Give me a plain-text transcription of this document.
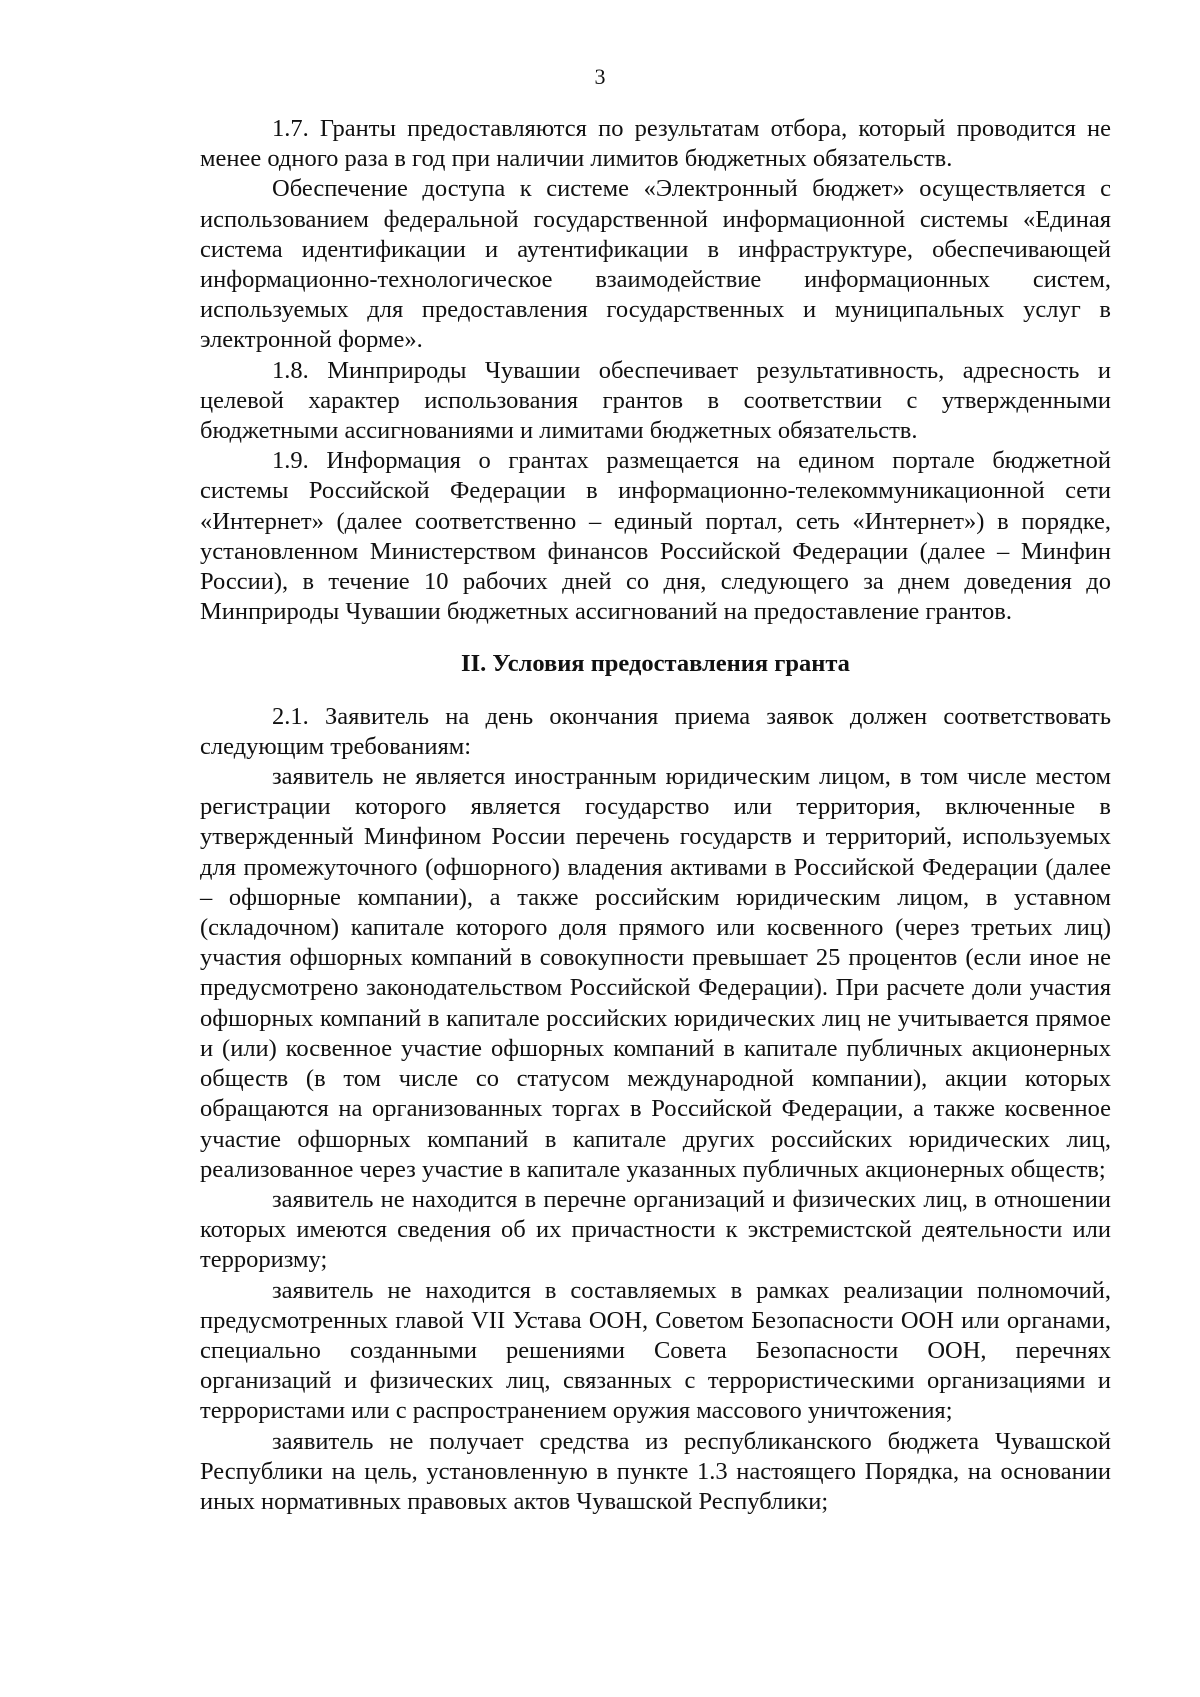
3

1.7. Гранты предоставляются по результатам отбора, который проводится не менее одного раза в год при наличии лимитов бюджетных обязательств.

Обеспечение доступа к системе «Электронный бюджет» осуществляется с использованием федеральной государственной информационной системы «Единая система идентификации и аутентификации в инфраструктуре, обеспечивающей информационно-технологическое взаимодействие информационных систем, используемых для предоставления государственных и муниципальных услуг в электронной форме».

1.8. Минприроды Чувашии обеспечивает результативность, адресность и целевой характер использования грантов в соответствии с утвержденными бюджетными ассигнованиями и лимитами бюджетных обязательств.

1.9. Информация о грантах размещается на едином портале бюджетной системы Российской Федерации в информационно-телекоммуникационной сети «Интернет» (далее соответственно – единый портал, сеть «Интернет») в порядке, установленном Министерством финансов Российской Федерации (далее – Минфин России), в течение 10 рабочих дней со дня, следующего за днем доведения до Минприроды Чувашии бюджетных ассигнований на предоставление грантов.

II. Условия предоставления гранта

2.1. Заявитель на день окончания приема заявок должен соответствовать следующим требованиям:

заявитель не является иностранным юридическим лицом, в том числе местом регистрации которого является государство или территория, включенные в утвержденный Минфином России перечень государств и территорий, используемых для промежуточного (офшорного) владения активами в Российской Федерации (далее – офшорные компании), а также российским юридическим лицом, в уставном (складочном) капитале которого доля прямого или косвенного (через третьих лиц) участия офшорных компаний в совокупности превышает 25 процентов (если иное не предусмотрено законодательством Российской Федерации). При расчете доли участия офшорных компаний в капитале российских юридических лиц не учитывается прямое и (или) косвенное участие офшорных компаний в капитале публичных акционерных обществ (в том числе со статусом международной компании), акции которых обращаются на организованных торгах в Российской Федерации, а также косвенное участие офшорных компаний в капитале других российских юридических лиц, реализованное через участие в капитале указанных публичных акционерных обществ;

заявитель не находится в перечне организаций и физических лиц, в отношении которых имеются сведения об их причастности к экстремистской деятельности или терроризму;

заявитель не находится в составляемых в рамках реализации полномочий, предусмотренных главой VII Устава ООН, Советом Безопасности ООН или органами, специально созданными решениями Совета Безопасности ООН, перечнях организаций и физических лиц, связанных с террористическими организациями и террористами или с распространением оружия массового уничтожения;

заявитель не получает средства из республиканского бюджета Чувашской Республики на цель, установленную в пункте 1.3 настоящего Порядка, на основании иных нормативных правовых актов Чувашской Республики;
